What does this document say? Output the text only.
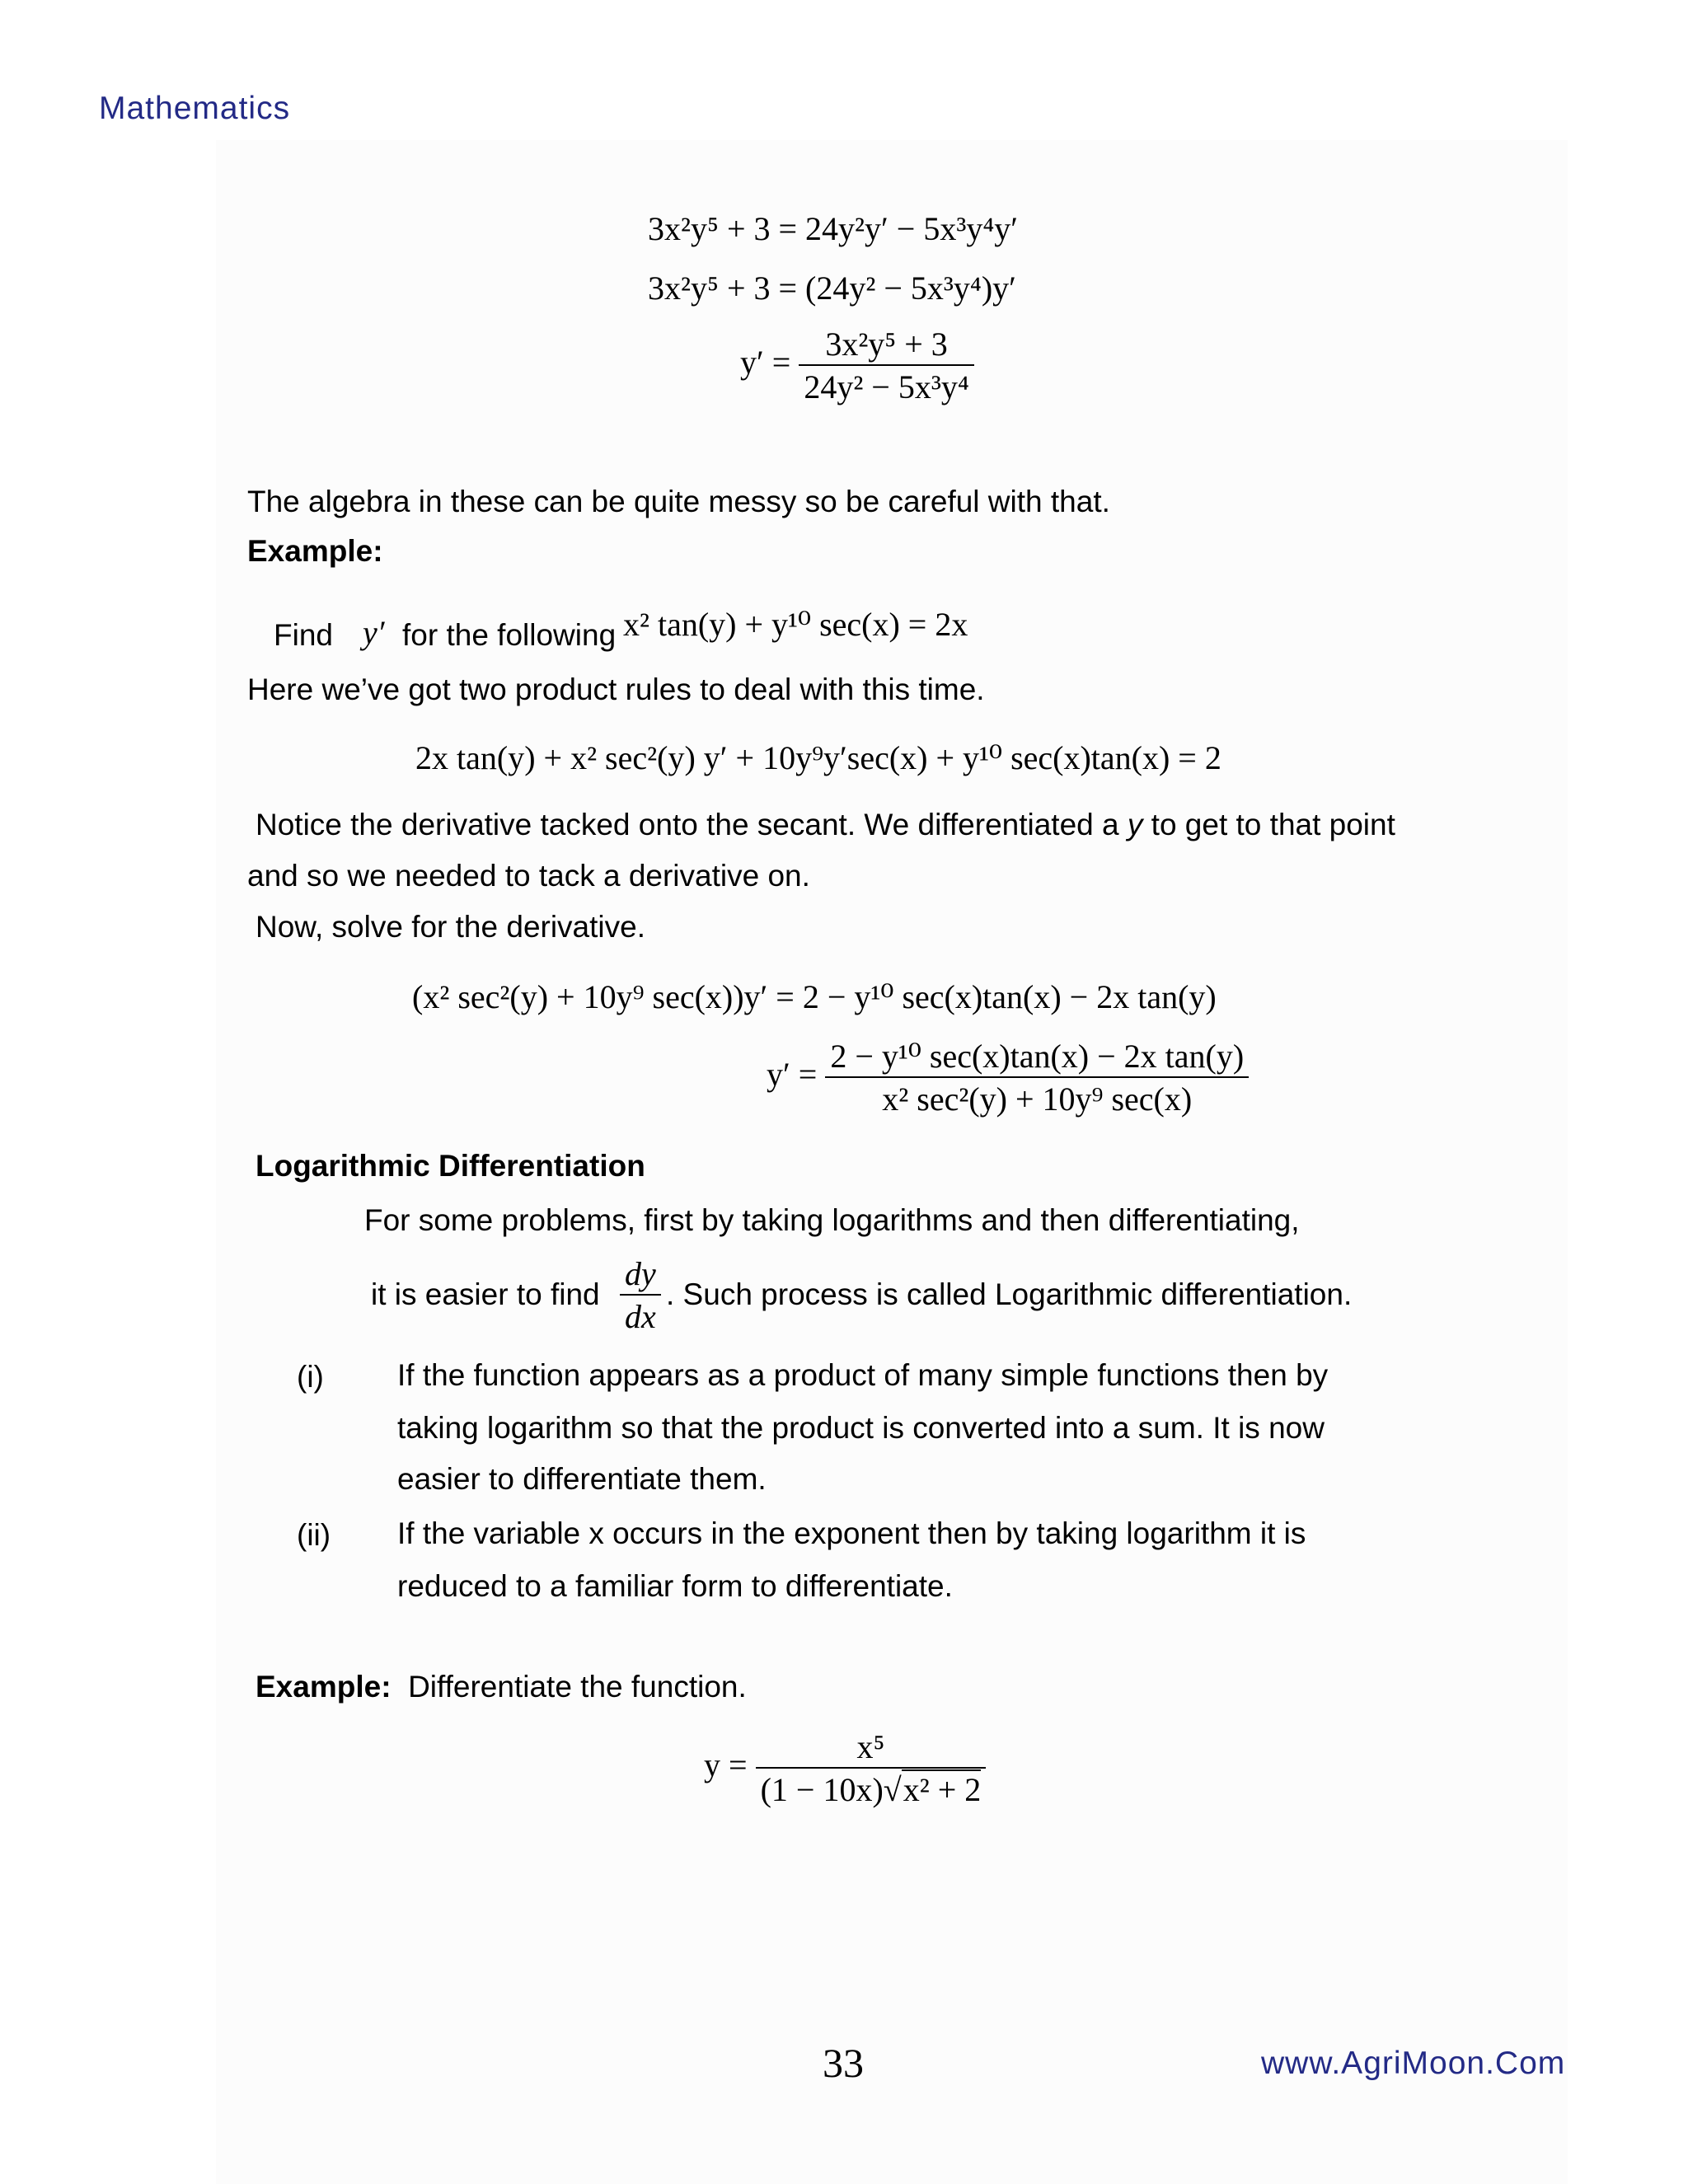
Mathematics
3x²y⁵ + 3 = 24y²y′ − 5x³y⁴y′
3x²y⁵ + 3 = (24y² − 5x³y⁴)y′
$y' = \frac{\text{3x²y⁵ + 3}}{\text{24y² − 5x³y⁴}}$
The algebra in these can be quite messy so be careful with that.
Example:
Find y′ for the following x² tan(y) + y¹⁰ sec(x) = 2x
Here we’ve got two product rules to deal with this time.
2x tan(y) + x² sec²(y) y′ + 10y⁹y′sec(x) + y¹⁰ sec(x)tan(x) = 2
Notice the derivative tacked onto the secant. We differentiated a y to get to that point
and so we needed to tack a derivative on.
Now, solve for the derivative.
(x² sec²(y) + 10y⁹ sec(x))y′ = 2 − y¹⁰ sec(x)tan(x) − 2x tan(y)
$y' = \frac{\text{2 − y¹⁰ sec(x)tan(x) − 2x tan(y)}}{\text{x² sec²(y) + 10y⁹ sec(x)}}$
Logarithmic Differentiation
For some problems, first by taking logarithms and then differentiating,
it is easier to find $\frac{dy}{dx}$ . Such process is called Logarithmic differentiation.
(i) If the function appears as a product of many simple functions then by
taking logarithm so that the product is converted into a sum. It is now
easier to differentiate them.
(ii) If the variable x occurs in the exponent then by taking logarithm it is
reduced to a familiar form to differentiate.
Example: Differentiate the function.
$y = \frac{\text{x⁵}}{\text{(1 − 10x)√x² + 2}}$
33	www.AgriMoon.Com
